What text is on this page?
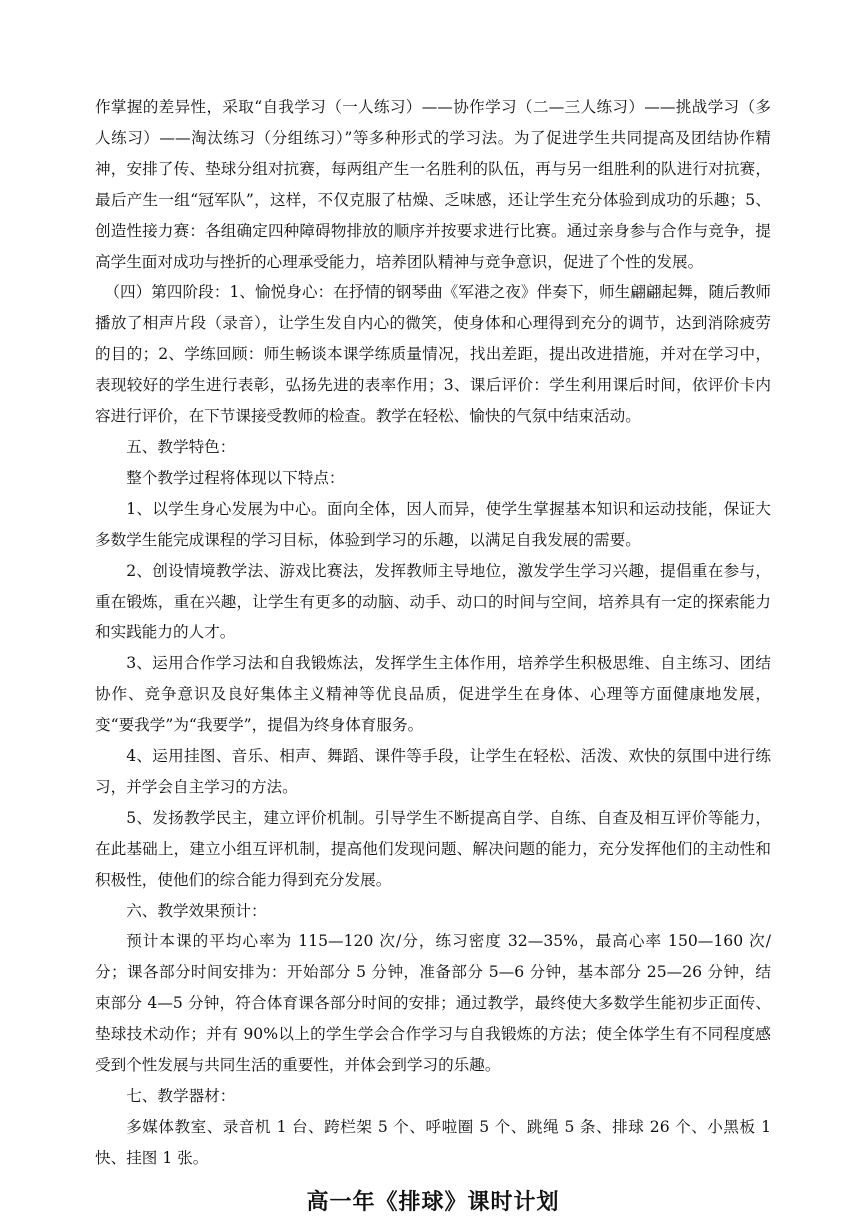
作掌握的差异性，采取“自我学习（一人练习）——协作学习（二—三人练习）——挑战学习（多人练习）——淘汰练习（分组练习）”等多种形式的学习法。为了促进学生共同提高及团结协作精神，安排了传、垫球分组对抗赛，每两组产生一名胜利的队伍，再与另一组胜利的队进行对抗赛，最后产生一组“冠军队”，这样，不仅克服了枯燥、乏味感，还让学生充分体验到成功的乐趣；5、创造性接力赛：各组确定四种障碍物排放的顺序并按要求进行比赛。通过亲身参与合作与竞争，提高学生面对成功与挫折的心理承受能力，培养团队精神与竞争意识，促进了个性的发展。

（四）第四阶段：1、愉悦身心：在抒情的钢琴曲《军港之夜》伴奏下，师生翩翩起舞，随后教师播放了相声片段（录音），让学生发自内心的微笑，使身体和心理得到充分的调节，达到消除疲劳的目的；2、学练回顾：师生畅谈本课学练质量情况，找出差距，提出改进措施，并对在学习中，表现较好的学生进行表彰，弘扬先进的表率作用；3、课后评价：学生利用课后时间，依评价卡内容进行评价，在下节课接受教师的检查。教学在轻松、愉快的气氛中结束活动。

五、教学特色：

整个教学过程将体现以下特点：

1、以学生身心发展为中心。面向全体，因人而异，使学生掌握基本知识和运动技能，保证大多数学生能完成课程的学习目标，体验到学习的乐趣，以满足自我发展的需要。

2、创设情境教学法、游戏比赛法，发挥教师主导地位，激发学生学习兴趣，提倡重在参与，重在锻炼，重在兴趣，让学生有更多的动脑、动手、动口的时间与空间，培养具有一定的探索能力和实践能力的人才。

3、运用合作学习法和自我锻炼法，发挥学生主体作用，培养学生积极思维、自主练习、团结协作、竞争意识及良好集体主义精神等优良品质，促进学生在身体、心理等方面健康地发展，变“要我学”为“我要学”，提倡为终身体育服务。

4、运用挂图、音乐、相声、舞蹈、课件等手段，让学生在轻松、活泼、欢快的氛围中进行练习，并学会自主学习的方法。

5、发扬教学民主，建立评价机制。引导学生不断提高自学、自练、自查及相互评价等能力，在此基础上，建立小组互评机制，提高他们发现问题、解决问题的能力，充分发挥他们的主动性和积极性，使他们的综合能力得到充分发展。

六、教学效果预计：

预计本课的平均心率为 115—120 次/分，练习密度 32—35%，最高心率 150—160 次/分；课各部分时间安排为：开始部分 5 分钟，准备部分 5—6 分钟，基本部分 25—26 分钟，结束部分 4—5 分钟，符合体育课各部分时间的安排；通过教学，最终使大多数学生能初步正面传、垫球技术动作；并有 90%以上的学生学会合作学习与自我锻炼的方法；使全体学生有不同程度感受到个性发展与共同生活的重要性，并体会到学习的乐趣。

七、教学器材：

多媒体教室、录音机 1 台、跨栏架 5 个、呼啦圈 5 个、跳绳 5 条、排球 26 个、小黑板 1 快、挂图 1 张。

高一年《排球》课时计划
